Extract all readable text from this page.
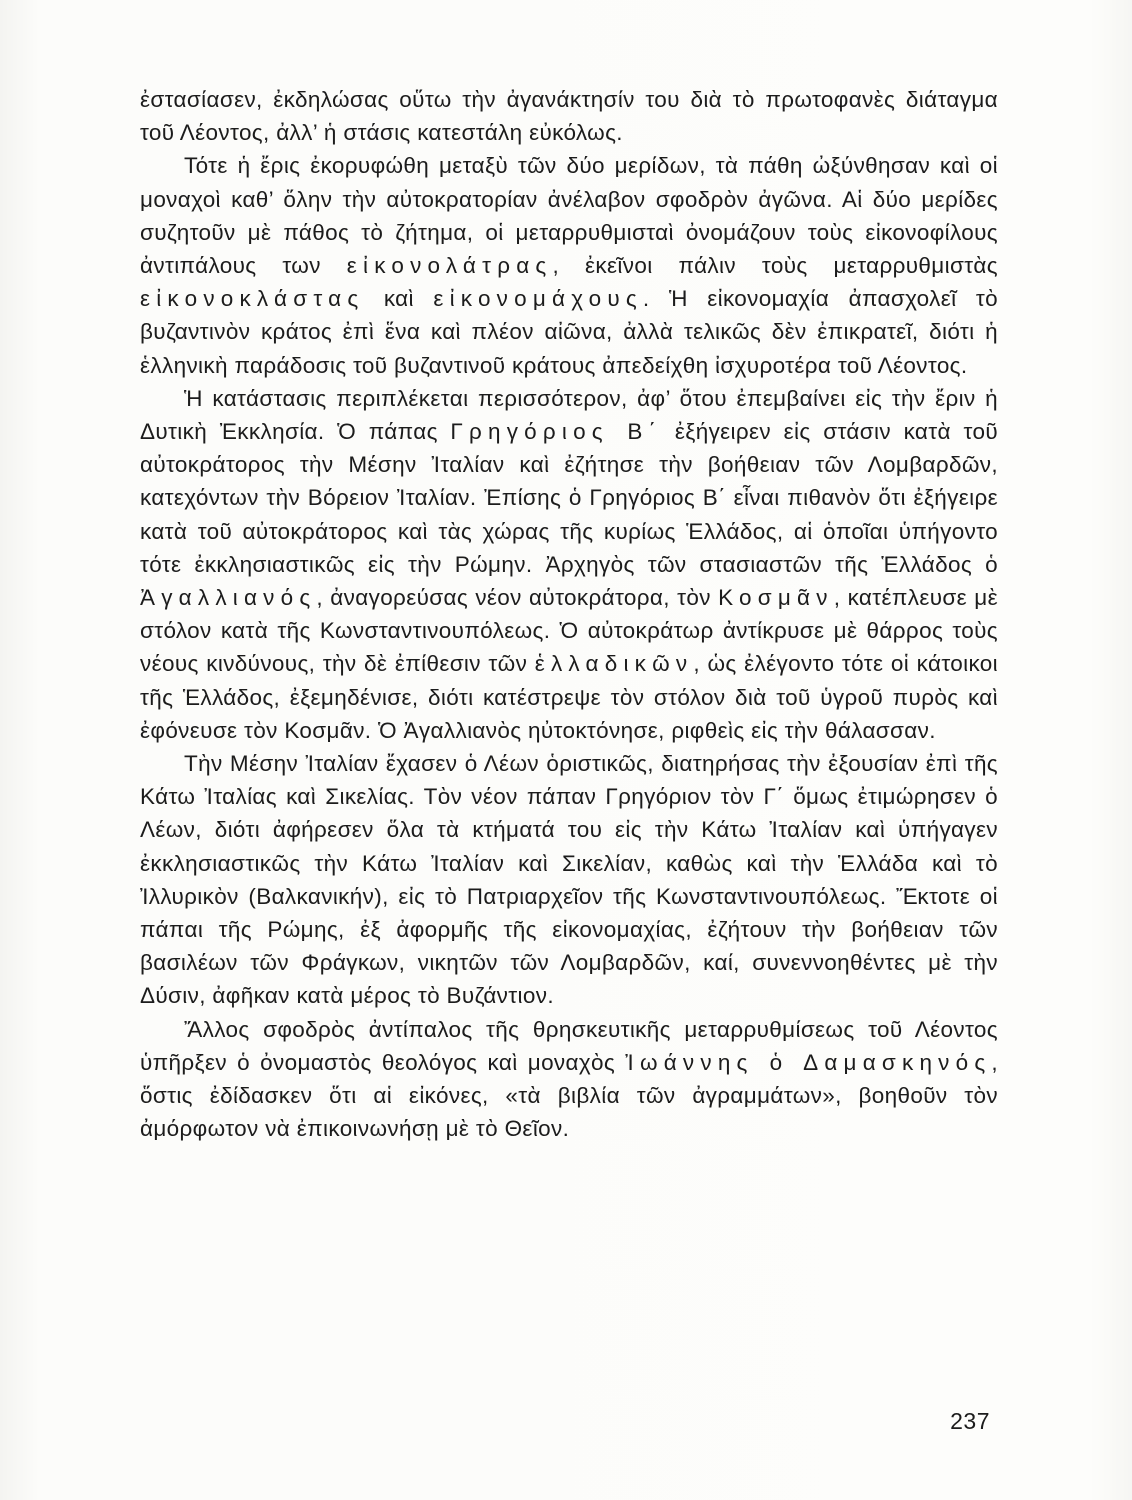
ἐστασίασεν, ἐκδηλώσας οὕτω τὴν ἀγανάκτησίν του διὰ τὸ πρωτοφανὲς διάταγμα τοῦ Λέοντος, ἀλλ’ ἡ στάσις κατεστάλη εὐκόλως.

Τότε ἡ ἔρις ἐκορυφώθη μεταξὺ τῶν δύο μερίδων, τὰ πάθη ὠξύνθησαν καὶ οἱ μοναχοὶ καθ’ ὅλην τὴν αὐτοκρατορίαν ἀνέλαβον σφοδρὸν ἀγῶνα. Αἱ δύο μερίδες συζητοῦν μὲ πάθος τὸ ζήτημα, οἱ μεταρρυθμισταὶ ὀνομάζουν τοὺς εἰκονοφίλους ἀντιπάλους των εἰκονολάτρας, ἐκεῖνοι πάλιν τοὺς μεταρρυθμιστὰς εἰκονοκλάστας καὶ εἰκονομάχους. Ἡ εἰκονομαχία ἀπασχολεῖ τὸ βυζαντινὸν κράτος ἐπὶ ἕνα καὶ πλέον αἰῶνα, ἀλλὰ τελικῶς δὲν ἐπικρατεῖ, διότι ἡ ἑλληνικὴ παράδοσις τοῦ βυζαντινοῦ κράτους ἀπεδείχθη ἰσχυροτέρα τοῦ Λέοντος.

Ἡ κατάστασις περιπλέκεται περισσότερον, ἀφ’ ὅτου ἐπεμβαίνει εἰς τὴν ἔριν ἡ Δυτικὴ Ἐκκλησία. Ὁ πάπας Γρηγόριος Β΄ ἐξήγειρεν εἰς στάσιν κατὰ τοῦ αὐτοκράτορος τὴν Μέσην Ἰταλίαν καὶ ἐζήτησε τὴν βοήθειαν τῶν Λομβαρδῶν, κατεχόντων τὴν Βόρειον Ἰταλίαν. Ἐπίσης ὁ Γρηγόριος Β΄ εἶναι πιθανὸν ὅτι ἐξήγειρε κατὰ τοῦ αὐτοκράτορος καὶ τὰς χώρας τῆς κυρίως Ἑλλάδος, αἱ ὁποῖαι ὑπήγοντο τότε ἐκκλησιαστικῶς εἰς τὴν Ρώμην. Ἀρχηγὸς τῶν στασιαστῶν τῆς Ἑλλάδος ὁ Ἀγαλλιανός, ἀναγορεύσας νέον αὐτοκράτορα, τὸν Κοσμᾶν, κατέπλευσε μὲ στόλον κατὰ τῆς Κωνσταντινουπόλεως. Ὁ αὐτοκράτωρ ἀντίκρυσε μὲ θάρρος τοὺς νέους κινδύνους, τὴν δὲ ἐπίθεσιν τῶν ἑλλαδικῶν, ὡς ἐλέγοντο τότε οἱ κάτοικοι τῆς Ἑλλάδος, ἐξεμηδένισε, διότι κατέστρεψε τὸν στόλον διὰ τοῦ ὑγροῦ πυρὸς καὶ ἐφόνευσε τὸν Κοσμᾶν. Ὁ Ἀγαλλιανὸς ηὐτοκτόνησε, ριφθεὶς εἰς τὴν θάλασσαν.

Τὴν Μέσην Ἰταλίαν ἔχασεν ὁ Λέων ὁριστικῶς, διατηρήσας τὴν ἐξουσίαν ἐπὶ τῆς Κάτω Ἰταλίας καὶ Σικελίας. Τὸν νέον πάπαν Γρηγόριον τὸν Γ΄ ὅμως ἐτιμώρησεν ὁ Λέων, διότι ἀφήρεσεν ὅλα τὰ κτήματά του εἰς τὴν Κάτω Ἰταλίαν καὶ ὑπήγαγεν ἐκκλησιαστικῶς τὴν Κάτω Ἰταλίαν καὶ Σικελίαν, καθὼς καὶ τὴν Ἑλλάδα καὶ τὸ Ἰλλυρικὸν (Βαλκανικήν), εἰς τὸ Πατριαρχεῖον τῆς Κωνσταντινουπόλεως. Ἔκτοτε οἱ πάπαι τῆς Ρώμης, ἐξ ἀφορμῆς τῆς εἰκονομαχίας, ἐζήτουν τὴν βοήθειαν τῶν βασιλέων τῶν Φράγκων, νικητῶν τῶν Λομβαρδῶν, καί, συνεννοηθέντες μὲ τὴν Δύσιν, ἀφῆκαν κατὰ μέρος τὸ Βυζάντιον.

Ἄλλος σφοδρὸς ἀντίπαλος τῆς θρησκευτικῆς μεταρρυθμίσεως τοῦ Λέοντος ὑπῆρξεν ὁ ὀνομαστὸς θεολόγος καὶ μοναχὸς Ἰωάννης ὁ Δαμασκηνός, ὅστις ἐδίδασκεν ὅτι αἱ εἰκόνες, «τὰ βιβλία τῶν ἀγραμμάτων», βοηθοῦν τὸν ἀμόρφωτον νὰ ἐπικοινωνήσῃ μὲ τὸ Θεῖον.

237
